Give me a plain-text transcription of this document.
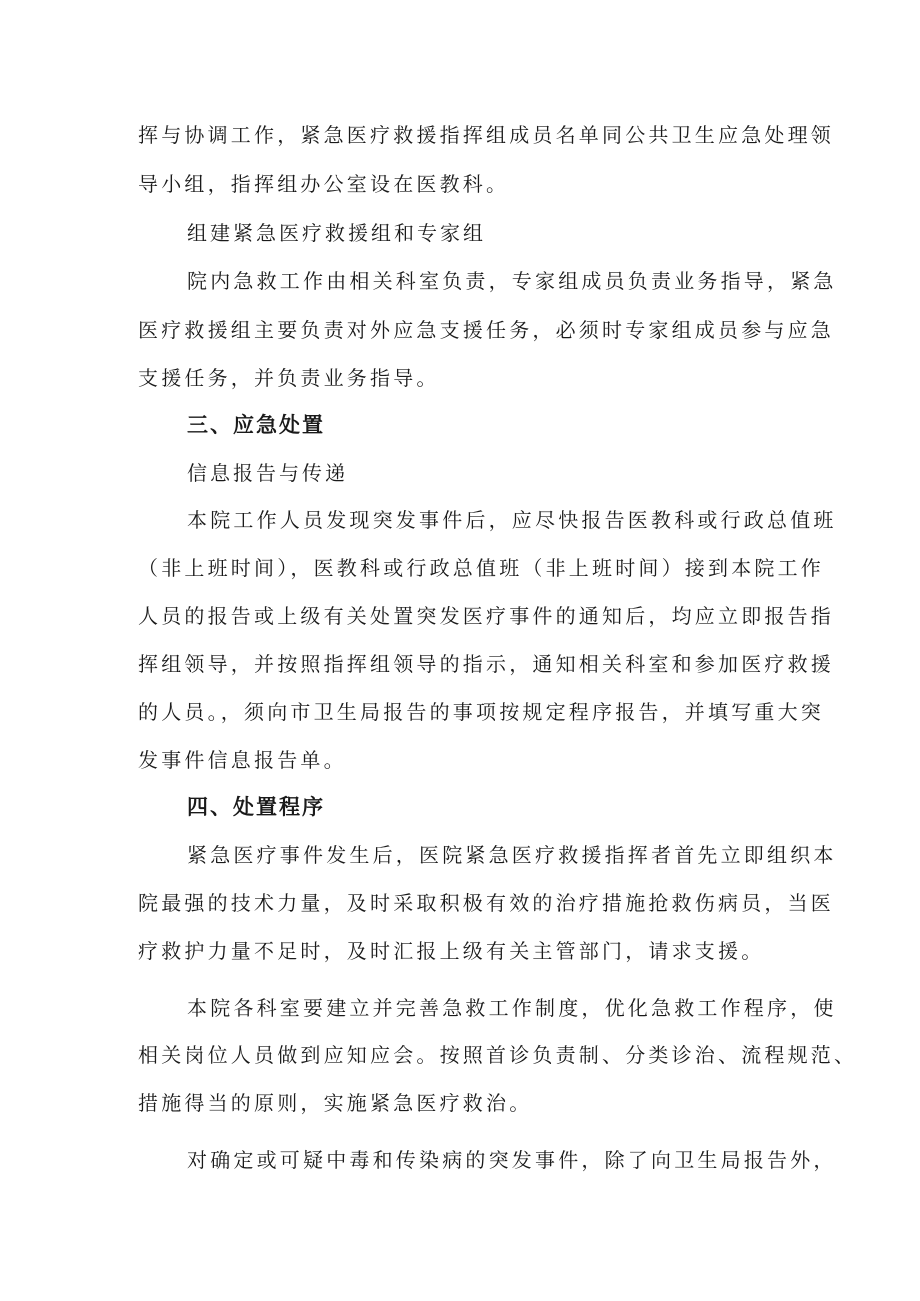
挥与协调工作，紧急医疗救援指挥组成员名单同公共卫生应急处理领
导小组，指挥组办公室设在医教科。
组建紧急医疗救援组和专家组
院内急救工作由相关科室负责，专家组成员负责业务指导，紧急
医疗救援组主要负责对外应急支援任务，必须时专家组成员参与应急
支援任务，并负责业务指导。
三、应急处置
信息报告与传递
本院工作人员发现突发事件后，应尽快报告医教科或行政总值班
（非上班时间），医教科或行政总值班（非上班时间）接到本院工作
人员的报告或上级有关处置突发医疗事件的通知后，均应立即报告指
挥组领导，并按照指挥组领导的指示，通知相关科室和参加医疗救援
的人员。，须向市卫生局报告的事项按规定程序报告，并填写重大突
发事件信息报告单。
四、处置程序
紧急医疗事件发生后，医院紧急医疗救援指挥者首先立即组织本
院最强的技术力量，及时采取积极有效的治疗措施抢救伤病员，当医
疗救护力量不足时，及时汇报上级有关主管部门，请求支援。
本院各科室要建立并完善急救工作制度，优化急救工作程序，使
相关岗位人员做到应知应会。按照首诊负责制、分类诊治、流程规范、
措施得当的原则，实施紧急医疗救治。
对确定或可疑中毒和传染病的突发事件，除了向卫生局报告外，
